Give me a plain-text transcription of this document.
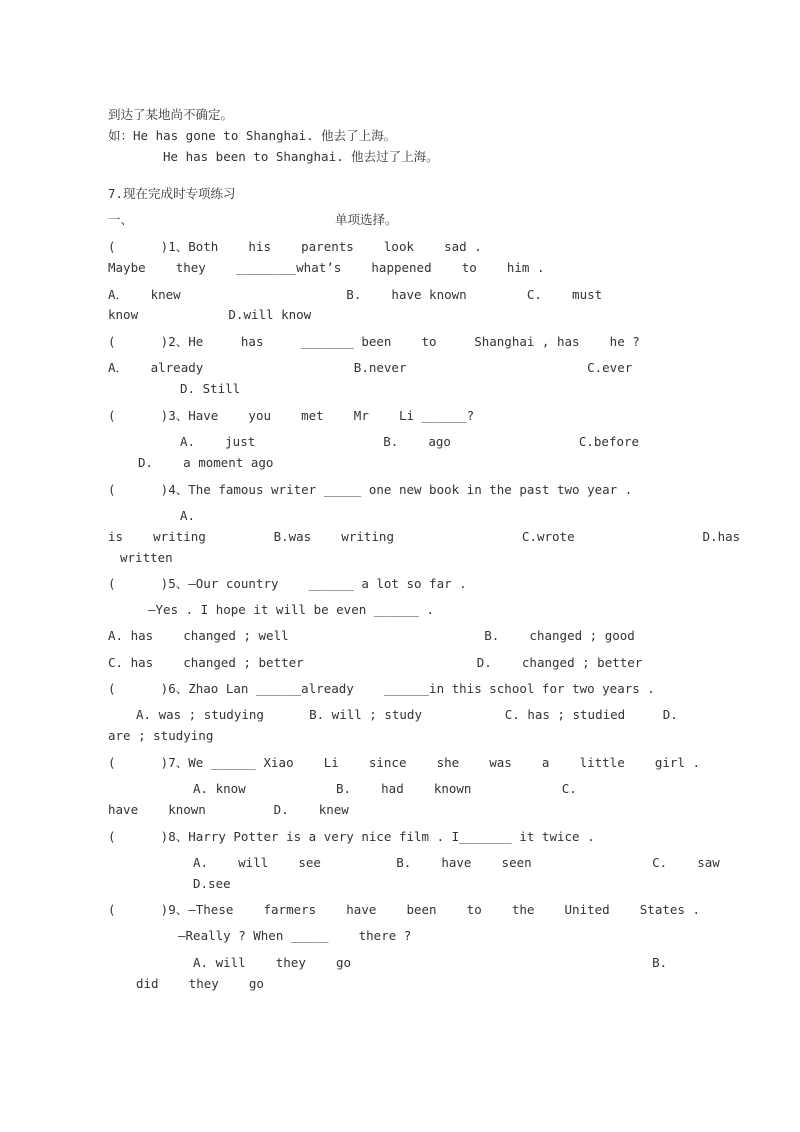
到达了某地尚不确定。
如：He has gone to Shanghai. 他去了上海。
He has been to Shanghai. 他去过了上海。
7.现在完成时专项练习
一、	单项选择。
(      )1、Both    his    parents    look    sad .
Maybe    they    ________what’s    happened    to    him .
A．   knew                      B.    have known        C.    must
know            D.will know
(      )2、He     has     _______ been    to     Shanghai , has    he ?
A．   already                    B.never                        C.ever
D. Still
(      )3、Have    you    met    Mr    Li ______?
A.    just                 B.    ago                 C.before
D.    a moment ago
(      )4、The famous writer _____ one new book in the past two year .
A.
is    writing         B.was    writing                 C.wrote                 D.has
written
(      )5、—Our country    ______ a lot so far .
—Yes . I hope it will be even ______ .
A. has    changed ; well                          B.    changed ; good
C. has    changed ; better                       D.    changed ; better
(      )6、Zhao Lan ______already    ______in this school for two years .
A. was ; studying      B. will ; study           C. has ; studied     D.
are ; studying
(      )7、We ______ Xiao    Li    since    she    was    a    little    girl .
A. know            B.    had    known            C.
have    known         D.    knew
(      )8、Harry Potter is a very nice film . I_______ it twice .
A.    will    see          B.    have    seen                C.    saw
D.see
(      )9、—These    farmers    have    been    to    the    United    States .
—Really ? When _____    there ?
A. will    they    go                                        B.
did    they    go
